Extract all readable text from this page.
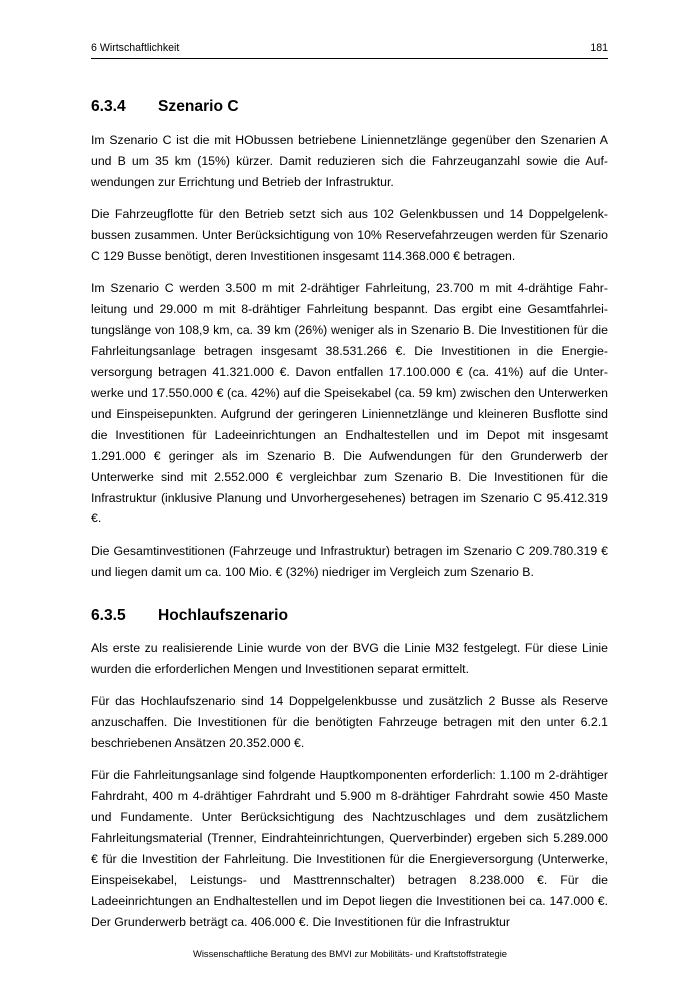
6 Wirtschaftlichkeit	181
6.3.4	Szenario C

Im Szenario C ist die mit HObussen betriebene Liniennetzlänge gegenüber den Szenarien A und B um 35 km (15%) kürzer. Damit reduzieren sich die Fahrzeuganzahl sowie die Aufwendungen zur Errichtung und Betrieb der Infrastruktur.

Die Fahrzeugflotte für den Betrieb setzt sich aus 102 Gelenkbussen und 14 Doppelgelenkbussen zusammen. Unter Berücksichtigung von 10% Reservefahrzeugen werden für Szenario C 129 Busse benötigt, deren Investitionen insgesamt 114.368.000 € betragen.

Im Szenario C werden 3.500 m mit 2-drähtiger Fahrleitung, 23.700 m mit 4-drähtige Fahrleitung und 29.000 m mit 8-drähtiger Fahrleitung bespannt. Das ergibt eine Gesamtfahrleitungslänge von 108,9 km, ca. 39 km (26%) weniger als in Szenario B. Die Investitionen für die Fahrleitungsanlage betragen insgesamt 38.531.266 €. Die Investitionen in die Energieversorgung betragen 41.321.000 €. Davon entfallen 17.100.000 € (ca. 41%) auf die Unterwerke und 17.550.000 € (ca. 42%) auf die Speisekabel (ca. 59 km) zwischen den Unterwerken und Einspeisepunkten. Aufgrund der geringeren Liniennetzlänge und kleineren Busflotte sind die Investitionen für Ladeeinrichtungen an Endhaltestellen und im Depot mit insgesamt 1.291.000 € geringer als im Szenario B. Die Aufwendungen für den Grunderwerb der Unterwerke sind mit 2.552.000 € vergleichbar zum Szenario B. Die Investitionen für die Infrastruktur (inklusive Planung und Unvorhergesehenes) betragen im Szenario C 95.412.319 €.

Die Gesamtinvestitionen (Fahrzeuge und Infrastruktur) betragen im Szenario C 209.780.319 € und liegen damit um ca. 100 Mio. € (32%) niedriger im Vergleich zum Szenario B.

6.3.5	Hochlaufszenario

Als erste zu realisierende Linie wurde von der BVG die Linie M32 festgelegt. Für diese Linie wurden die erforderlichen Mengen und Investitionen separat ermittelt.

Für das Hochlaufszenario sind 14 Doppelgelenkbusse und zusätzlich 2 Busse als Reserve anzuschaffen. Die Investitionen für die benötigten Fahrzeuge betragen mit den unter 6.2.1 beschriebenen Ansätzen 20.352.000 €.

Für die Fahrleitungsanlage sind folgende Hauptkomponenten erforderlich: 1.100 m 2-drähtiger Fahrdraht, 400 m 4-drähtiger Fahrdraht und 5.900 m 8-drähtiger Fahrdraht sowie 450 Maste und Fundamente. Unter Berücksichtigung des Nachtzuschlages und dem zusätzlichem Fahrleitungsmaterial (Trenner, Eindrahteinrichtungen, Querverbinder) ergeben sich 5.289.000 € für die Investition der Fahrleitung. Die Investitionen für die Energieversorgung (Unterwerke, Einspeisekabel, Leistungs- und Masttrennschalter) betragen 8.238.000 €. Für die Ladeeinrichtungen an Endhaltestellen und im Depot liegen die Investitionen bei ca. 147.000 €. Der Grunderwerb beträgt ca. 406.000 €. Die Investitionen für die Infrastruktur

Wissenschaftliche Beratung des BMVI zur Mobilitäts- und Kraftstoffstrategie
